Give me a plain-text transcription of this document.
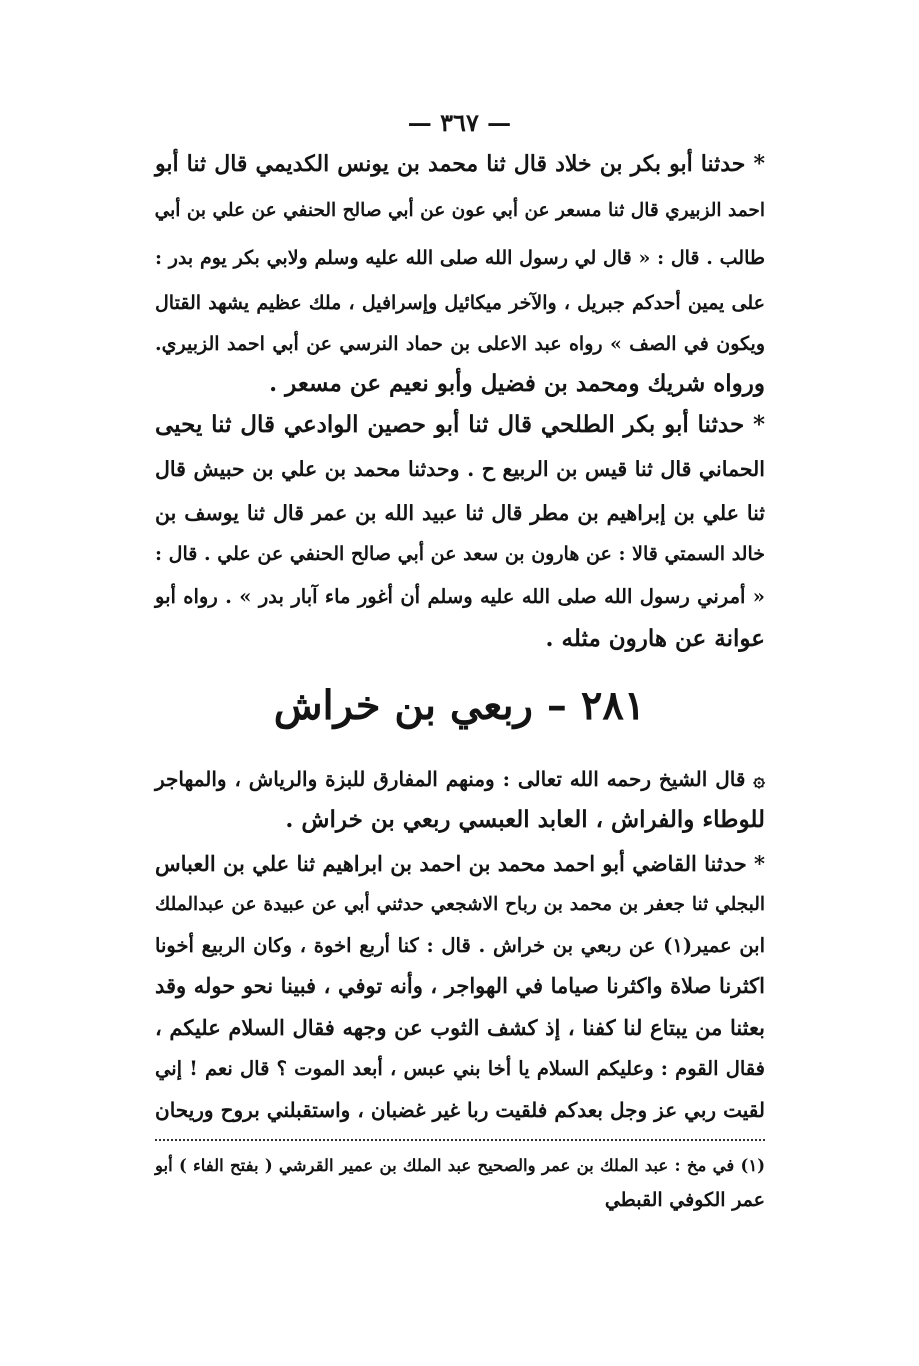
— ٣٦٧ —
* حدثنا أبو بكر بن خلاد قال ثنا محمد بن يونس الكديمي قال ثنا أبو
احمد الزبيري قال ثنا مسعر عن أبي عون عن أبي صالح الحنفي عن علي بن أبي
طالب . قال : « قال لي رسول الله صلى الله عليه وسلم ولابي بكر يوم بدر :
على يمين أحدكم جبريل ، والآخر ميكائيل وإسرافيل ، ملك عظيم يشهد القتال
ويكون في الصف » رواه عبد الاعلى بن حماد النرسي عن أبي احمد الزبيري.
ورواه شريك ومحمد بن فضيل وأبو نعيم عن مسعر .
* حدثنا أبو بكر الطلحي قال ثنا أبو حصين الوادعي قال ثنا يحيى
الحماني قال ثنا قيس بن الربيع ح . وحدثنا محمد بن علي بن حبيش قال
ثنا علي بن إبراهيم بن مطر قال ثنا عبيد الله بن عمر قال ثنا يوسف بن
خالد السمتي قالا : عن هارون بن سعد عن أبي صالح الحنفي عن علي . قال :
« أمرني رسول الله صلى الله عليه وسلم أن أغور ماء آبار بدر » . رواه أبو
عوانة عن هارون مثله .
٢٨١ – ربعي بن خراش
۞ قال الشيخ رحمه الله تعالى : ومنهم المفارق للبزة والرياش ، والمهاجر
للوطاء والفراش ، العابد العبسي ربعي بن خراش .
* حدثنا القاضي أبو احمد محمد بن احمد بن ابراهيم ثنا علي بن العباس
البجلي ثنا جعفر بن محمد بن رباح الاشجعي حدثني أبي عن عبيدة عن عبدالملك
ابن عمير(١) عن ربعي بن خراش . قال : كنا أربع اخوة ، وكان الربيع أخونا
اكثرنا صلاة واكثرنا صياما في الهواجر ، وأنه توفي ، فبينا نحو حوله وقد
بعثنا من يبتاع لنا كفنا ، إذ كشف الثوب عن وجهه فقال السلام عليكم ،
فقال القوم : وعليكم السلام يا أخا بني عبس ، أبعد الموت ؟ قال نعم ! إني
لقيت ربي عز وجل بعدكم فلقيت ربا غير غضبان ، واستقبلني بروح وريحان
(١) في مخ : عبد الملك بن عمر والصحيح عبد الملك بن عمير القرشي ( بفتح الفاء ) أبو
عمر الكوفي القبطي
